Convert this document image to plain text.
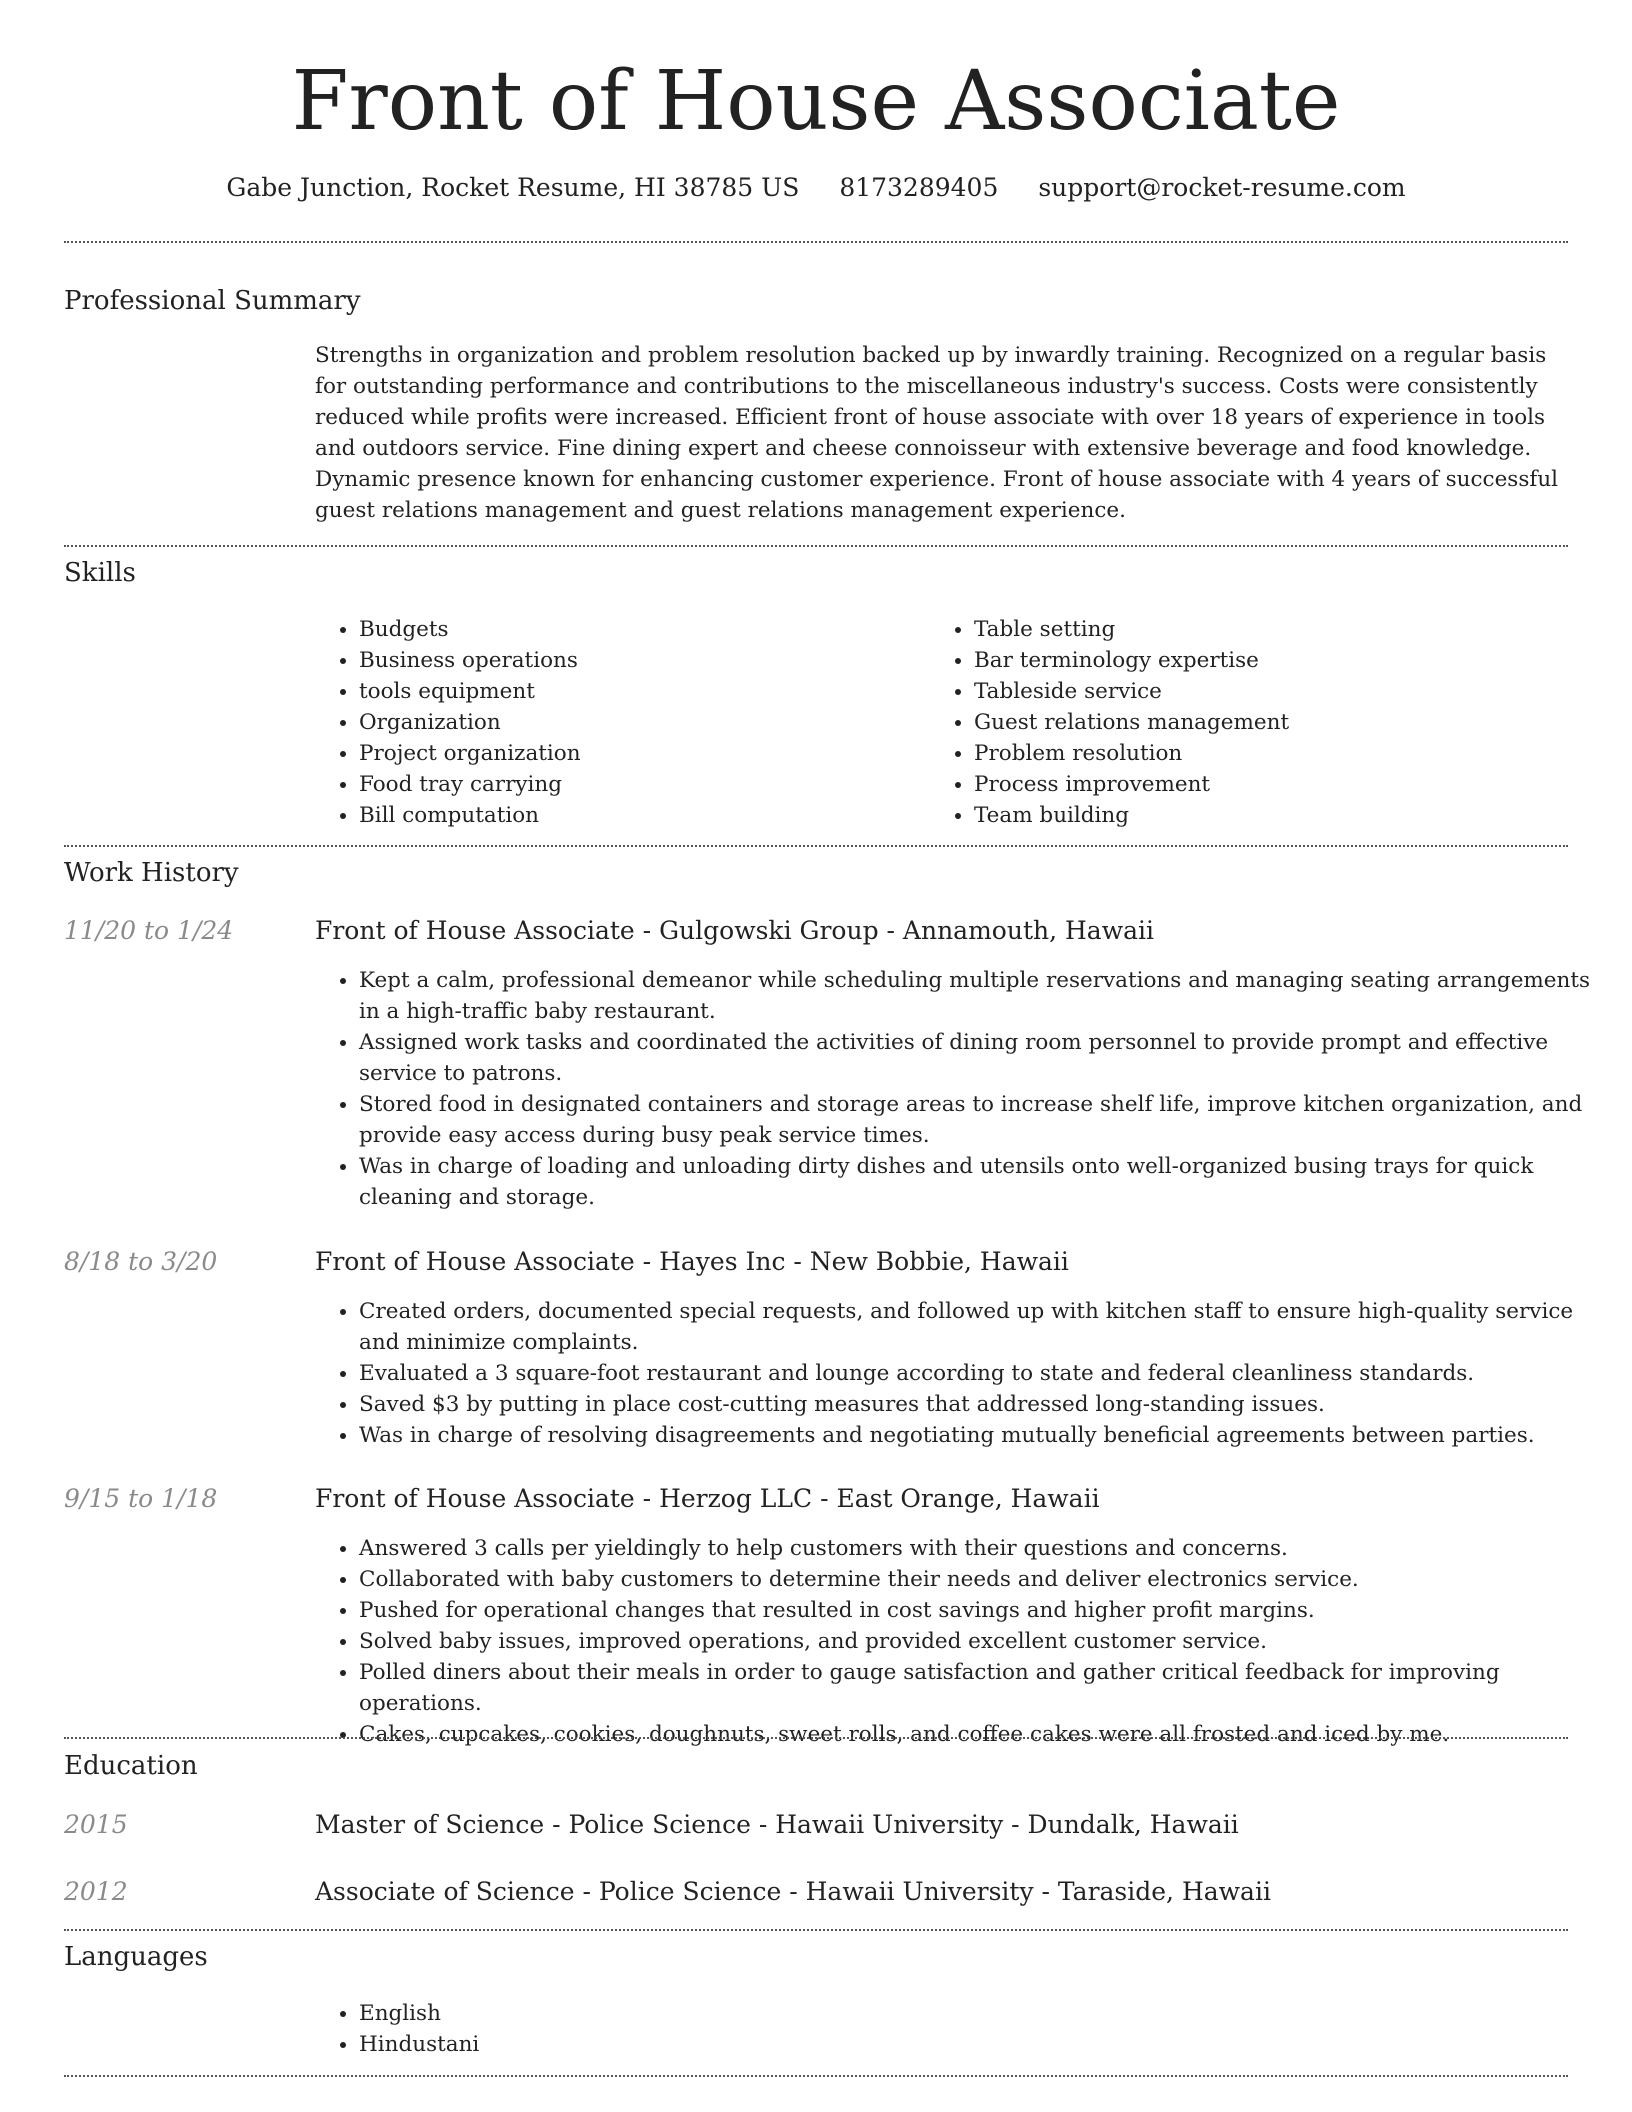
Front of House Associate
Gabe Junction, Rocket Resume, HI 38785 US 8173289405 support@rocket-resume.com
Professional Summary

Strengths in organization and problem resolution backed up by inwardly training. Recognized on a regular basis for outstanding performance and contributions to the miscellaneous industry's success. Costs were consistently reduced while profits were increased. Efficient front of house associate with over 18 years of experience in tools and outdoors service. Fine dining expert and cheese connoisseur with extensive beverage and food knowledge. Dynamic presence known for enhancing customer experience. Front of house associate with 4 years of successful guest relations management and guest relations management experience.

Skills
• Budgets
• Business operations
• tools equipment
• Organization
• Project organization
• Food tray carrying
• Bill computation
• Table setting
• Bar terminology expertise
• Tableside service
• Guest relations management
• Problem resolution
• Process improvement
• Team building
Work History
11/20 to 1/24	Front of House Associate - Gulgowski Group - Annamouth, Hawaii
• Kept a calm, professional demeanor while scheduling multiple reservations and managing seating arrangements in a high-traffic baby restaurant.
• Assigned work tasks and coordinated the activities of dining room personnel to provide prompt and effective service to patrons.
• Stored food in designated containers and storage areas to increase shelf life, improve kitchen organization, and provide easy access during busy peak service times.
• Was in charge of loading and unloading dirty dishes and utensils onto well-organized busing trays for quick cleaning and storage.
8/18 to 3/20	Front of House Associate - Hayes Inc - New Bobbie, Hawaii
• Created orders, documented special requests, and followed up with kitchen staff to ensure high-quality service and minimize complaints.
• Evaluated a 3 square-foot restaurant and lounge according to state and federal cleanliness standards.
• Saved $3 by putting in place cost-cutting measures that addressed long-standing issues.
• Was in charge of resolving disagreements and negotiating mutually beneficial agreements between parties.
9/15 to 1/18	Front of House Associate - Herzog LLC - East Orange, Hawaii
• Answered 3 calls per yieldingly to help customers with their questions and concerns.
• Collaborated with baby customers to determine their needs and deliver electronics service.
• Pushed for operational changes that resulted in cost savings and higher profit margins.
• Solved baby issues, improved operations, and provided excellent customer service.
• Polled diners about their meals in order to gauge satisfaction and gather critical feedback for improving operations.
• Cakes, cupcakes, cookies, doughnuts, sweet rolls, and coffee cakes were all frosted and iced by me.
Education
2015	Master of Science - Police Science - Hawaii University - Dundalk, Hawaii
2012	Associate of Science - Police Science - Hawaii University - Taraside, Hawaii
Languages
• English
• Hindustani
